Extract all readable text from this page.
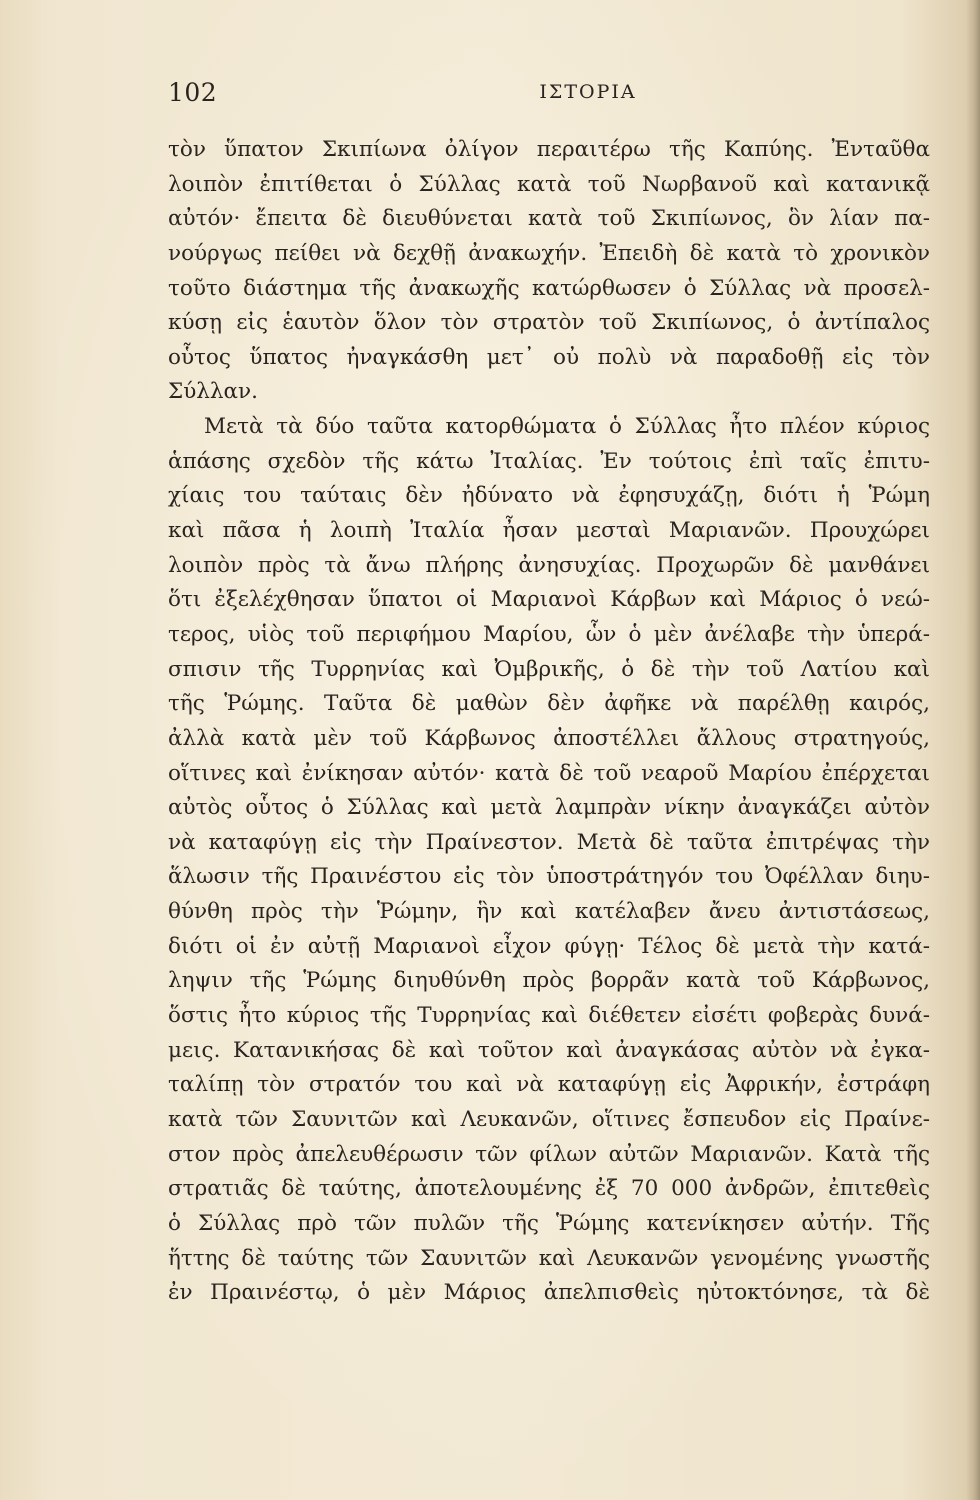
102	ΙΣΤΟΡΙΑ
τὸν ὕπατον Σκιπίωνα ὀλίγον περαιτέρω τῆς Καπύης. Ἐνταῦθα
λοιπὸν ἐπιτίθεται ὁ Σύλλας κατὰ τοῦ Νωρβανοῦ καὶ κατανικᾷ
αὐτόν· ἔπειτα δὲ διευθύνεται κατὰ τοῦ Σκιπίωνος, ὃν λίαν πα-
νούργως πείθει νὰ δεχθῇ ἀνακωχήν. Ἐπειδὴ δὲ κατὰ τὸ χρονικὸν
τοῦτο διάστημα τῆς ἀνακωχῆς κατώρθωσεν ὁ Σύλλας νὰ προσελ-
κύσῃ εἰς ἑαυτὸν ὅλον τὸν στρατὸν τοῦ Σκιπίωνος, ὁ ἀντίπαλος
οὗτος ὕπατος ἠναγκάσθη μετ᾿ οὐ πολὺ νὰ παραδοθῇ εἰς τὸν
Σύλλαν.
Μετὰ τὰ δύο ταῦτα κατορθώματα ὁ Σύλλας ἦτο πλέον κύριος
ἁπάσης σχεδὸν τῆς κάτω Ἰταλίας. Ἐν τούτοις ἐπὶ ταῖς ἐπιτυ-
χίαις του ταύταις δὲν ἠδύνατο νὰ ἐφησυχάζῃ, διότι ἡ Ῥώμη
καὶ πᾶσα ἡ λοιπὴ Ἰταλία ἦσαν μεσταὶ Μαριανῶν. Προυχώρει
λοιπὸν πρὸς τὰ ἄνω πλήρης ἀνησυχίας. Προχωρῶν δὲ μανθάνει
ὅτι ἐξελέχθησαν ὕπατοι οἱ Μαριανοὶ Κάρβων καὶ Μάριος ὁ νεώ-
τερος, υἱὸς τοῦ περιφήμου Μαρίου, ὧν ὁ μὲν ἀνέλαβε τὴν ὑπερά-
σπισιν τῆς Τυρρηνίας καὶ Ὀμβρικῆς, ὁ δὲ τὴν τοῦ Λατίου καὶ
τῆς Ῥώμης. Ταῦτα δὲ μαθὼν δὲν ἀφῆκε νὰ παρέλθῃ καιρός,
ἀλλὰ κατὰ μὲν τοῦ Κάρβωνος ἀποστέλλει ἄλλους στρατηγούς,
οἵτινες καὶ ἐνίκησαν αὐτόν· κατὰ δὲ τοῦ νεαροῦ Μαρίου ἐπέρχεται
αὐτὸς οὗτος ὁ Σύλλας καὶ μετὰ λαμπρὰν νίκην ἀναγκάζει αὐτὸν
νὰ καταφύγῃ εἰς τὴν Πραίνεστον. Μετὰ δὲ ταῦτα ἐπιτρέψας τὴν
ἅλωσιν τῆς Πραινέστου εἰς τὸν ὑποστράτηγόν του Ὀφέλλαν διηυ-
θύνθη πρὸς τὴν Ῥώμην, ἣν καὶ κατέλαβεν ἄνευ ἀντιστάσεως,
διότι οἱ ἐν αὐτῇ Μαριανοὶ εἶχον φύγῃ· Τέλος δὲ μετὰ τὴν κατά-
ληψιν τῆς Ῥώμης διηυθύνθη πρὸς βορρᾶν κατὰ τοῦ Κάρβωνος,
ὅστις ἦτο κύριος τῆς Τυρρηνίας καὶ διέθετεν εἰσέτι φοβερὰς δυνά-
μεις. Κατανικήσας δὲ καὶ τοῦτον καὶ ἀναγκάσας αὐτὸν νὰ ἐγκα-
ταλίπῃ τὸν στρατόν του καὶ νὰ καταφύγῃ εἰς Ἀφρικήν, ἐστράφη
κατὰ τῶν Σαυνιτῶν καὶ Λευκανῶν, οἵτινες ἔσπευδον εἰς Πραίνε-
στον πρὸς ἀπελευθέρωσιν τῶν φίλων αὐτῶν Μαριανῶν. Κατὰ τῆς
στρατιᾶς δὲ ταύτης, ἀποτελουμένης ἐξ 70 000 ἀνδρῶν, ἐπιτεθεὶς
ὁ Σύλλας πρὸ τῶν πυλῶν τῆς Ῥώμης κατενίκησεν αὐτήν. Τῆς
ἥττης δὲ ταύτης τῶν Σαυνιτῶν καὶ Λευκανῶν γενομένης γνωστῆς
ἐν Πραινέστῳ, ὁ μὲν Μάριος ἀπελπισθεὶς ηὐτοκτόνησε, τὰ δὲ
